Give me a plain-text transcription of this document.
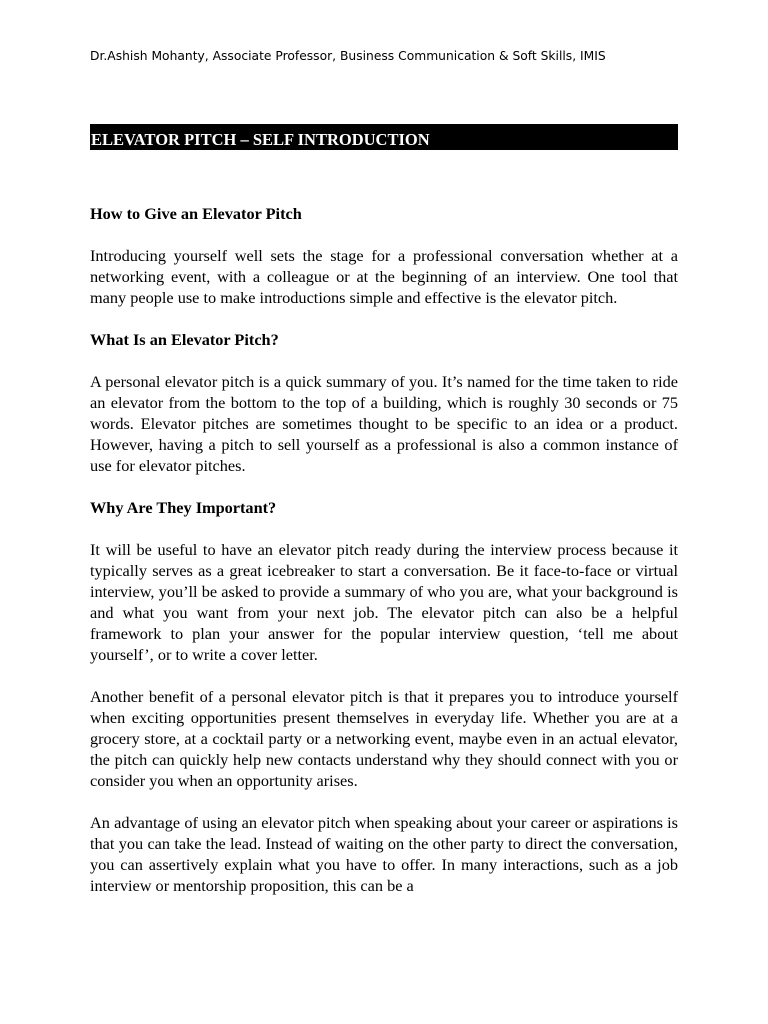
Dr.Ashish Mohanty, Associate Professor, Business Communication & Soft Skills, IMIS
ELEVATOR PITCH – SELF INTRODUCTION
How to Give an Elevator Pitch

Introducing yourself well sets the stage for a professional conversation whether at a networking event, with a colleague or at the beginning of an interview. One tool that many people use to make introductions simple and effective is the elevator pitch.

What Is an Elevator Pitch?

A personal elevator pitch is a quick summary of you. It’s named for the time taken to ride an elevator from the bottom to the top of a building, which is roughly 30 seconds or 75 words. Elevator pitches are sometimes thought to be specific to an idea or a product. However, having a pitch to sell yourself as a professional is also a common instance of use for elevator pitches.

Why Are They Important?

It will be useful to have an elevator pitch ready during the interview process because it typically serves as a great icebreaker to start a conversation. Be it face-to-face or virtual interview, you’ll be asked to provide a summary of who you are, what your background is and what you want from your next job. The elevator pitch can also be a helpful framework to plan your answer for the popular interview question, ‘tell me about yourself’, or to write a cover letter.

Another benefit of a personal elevator pitch is that it prepares you to introduce yourself when exciting opportunities present themselves in everyday life. Whether you are at a grocery store, at a cocktail party or a networking event, maybe even in an actual elevator, the pitch can quickly help new contacts understand why they should connect with you or consider you when an opportunity arises.

An advantage of using an elevator pitch when speaking about your career or aspirations is that you can take the lead. Instead of waiting on the other party to direct the conversation, you can assertively explain what you have to offer. In many interactions, such as a job interview or mentorship proposition, this can be a
